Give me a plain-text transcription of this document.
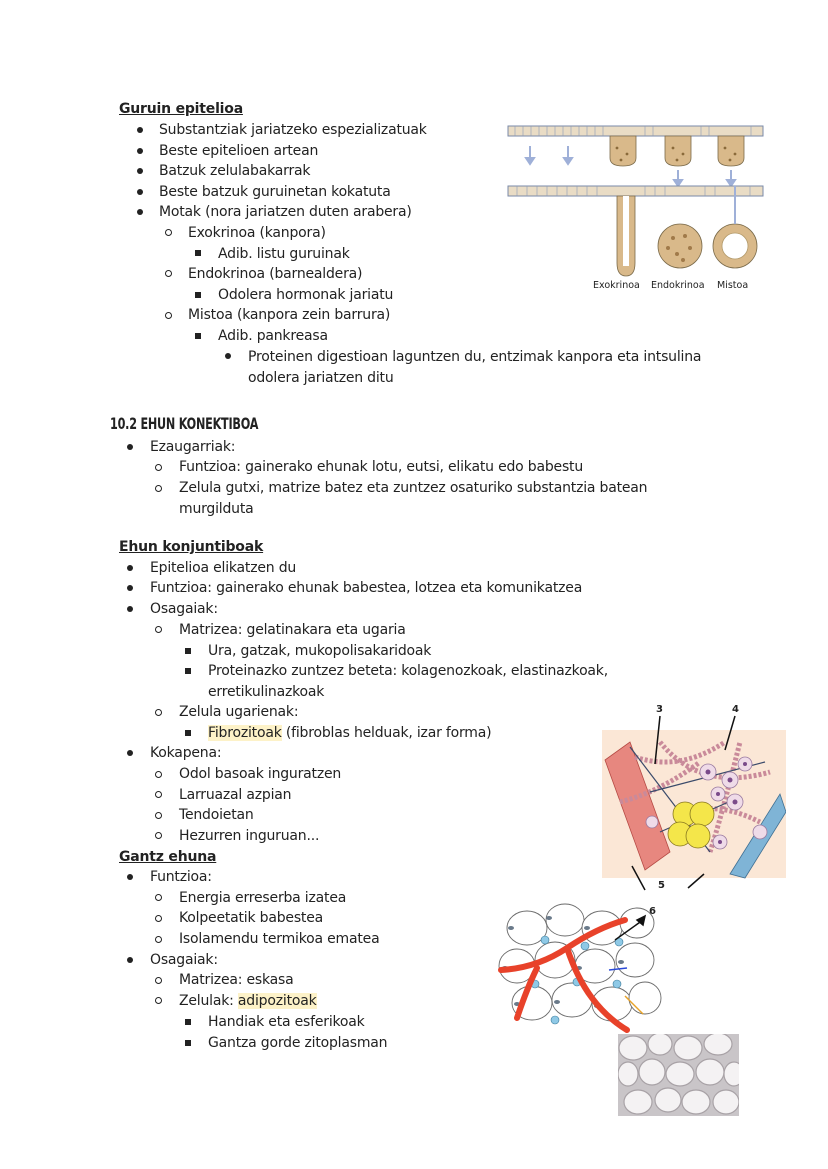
Guruin epitelioa
Substantziak jariatzeko espezializatuak
Beste epitelioen artean
Batzuk zelulabakarrak
Beste batzuk guruinetan kokatuta
Motak (nora jariatzen duten arabera)
Exokrinoa (kanpora)
Adib. listu guruinak
Endokrinoa (barnealdera)
Odolera hormonak jariatu
Mistoa (kanpora zein barrura)
Adib. pankreasa
Proteinen digestioan laguntzen du, entzimak kanpora eta intsulina
odolera jariatzen ditu
Exokrinoa Endokrinoa Mistoa
10.2 EHUN KONEKTIBOA
Ezaugarriak:
Funtzioa: gainerako ehunak lotu, eutsi, elikatu edo babestu
Zelula gutxi, matrize batez eta zuntzez osaturiko substantzia batean
murgilduta
Ehun konjuntiboak
Epitelioa elikatzen du
Funtzioa: gainerako ehunak babestea, lotzea eta komunikatzea
Osagaiak:
Matrizea: gelatinakara eta ugaria
Ura, gatzak, mukopolisakaridoak
Proteinazko zuntzez beteta: kolagenozkoak, elastinazkoak,
erretikulinazkoak
Zelula ugarienak:
Fibrozitoak (fibroblas helduak, izar forma)
Kokapena:
Odol basoak inguratzen
Larruazal azpian
Tendoietan
Hezurren inguruan...
3	4
5
Gantz ehuna
Funtzioa:
Energia erreserba izatea
Kolpeetatik babestea
Isolamendu termikoa ematea
Osagaiak:
Matrizea: eskasa
Zelulak: adipozitoak
Handiak eta esferikoak
Gantza gorde zitoplasman
6
